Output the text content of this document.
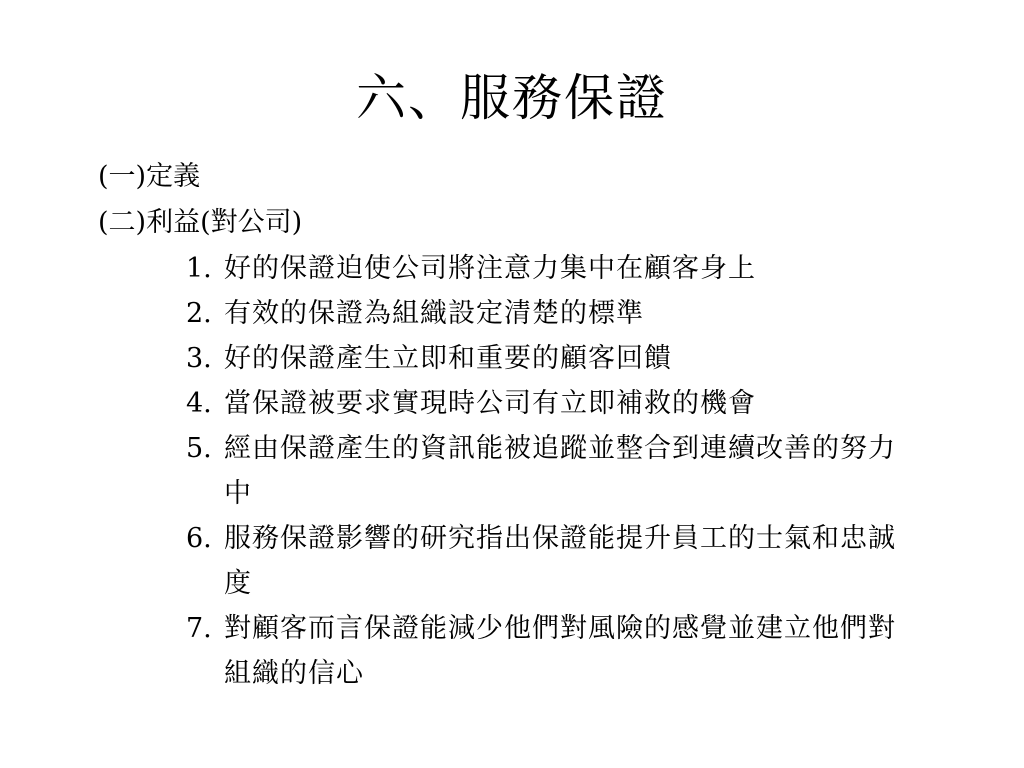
六、服務保證
(一)定義
(二)利益(對公司)
1. 好的保證迫使公司將注意力集中在顧客身上
2. 有效的保證為組織設定清楚的標準
3. 好的保證產生立即和重要的顧客回饋
4. 當保證被要求實現時公司有立即補救的機會
5. 經由保證產生的資訊能被追蹤並整合到連續改善的努力中
6. 服務保證影響的研究指出保證能提升員工的士氣和忠誠度
7. 對顧客而言保證能減少他們對風險的感覺並建立他們對組織的信心
